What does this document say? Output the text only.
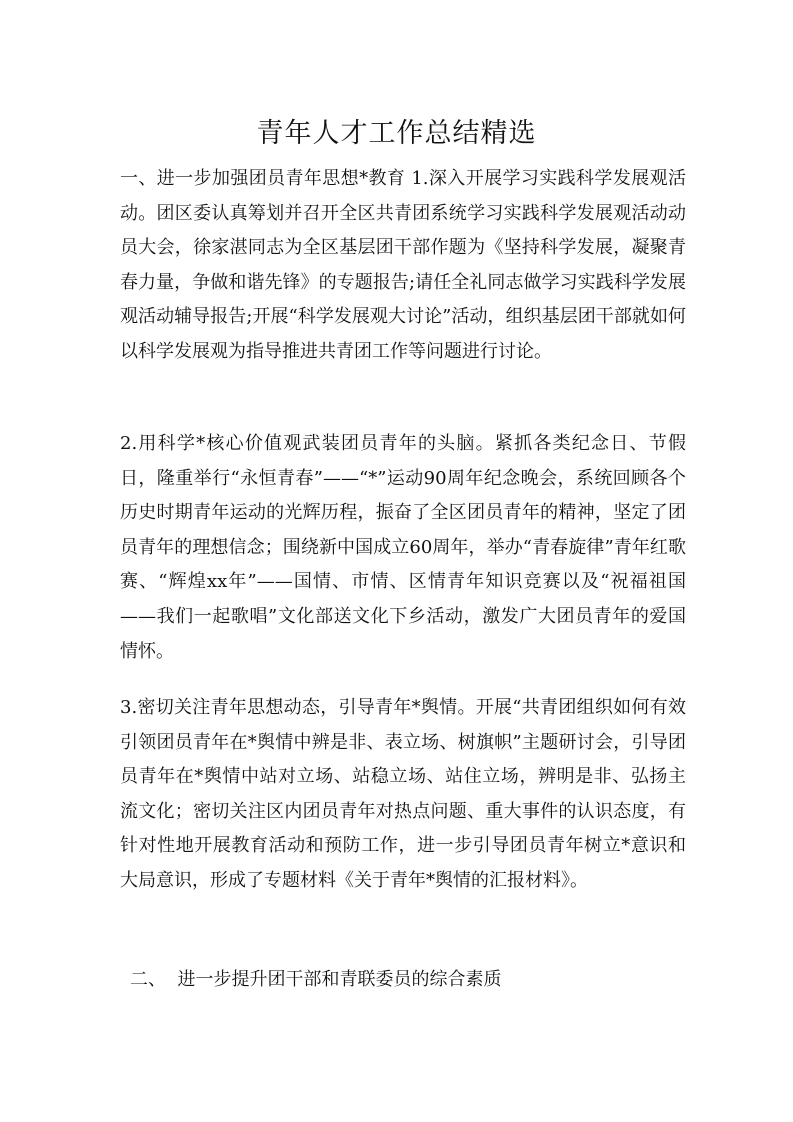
青年人才工作总结精选

一、进一步加强团员青年思想*教育 1.深入开展学习实践科学发展观活动。团区委认真筹划并召开全区共青团系统学习实践科学发展观活动动员大会，徐家湛同志为全区基层团干部作题为《坚持科学发展，凝聚青春力量，争做和谐先锋》的专题报告;请任全礼同志做学习实践科学发展观活动辅导报告;开展“科学发展观大讨论”活动，组织基层团干部就如何以科学发展观为指导推进共青团工作等问题进行讨论。

2.用科学*核心价值观武装团员青年的头脑。紧抓各类纪念日、节假日，隆重举行“永恒青春”——“*”运动90周年纪念晚会，系统回顾各个历史时期青年运动的光辉历程，振奋了全区团员青年的精神，坚定了团员青年的理想信念；围绕新中国成立60周年，举办“青春旋律”青年红歌赛、“辉煌xx年”——国情、市情、区情青年知识竞赛以及“祝福祖国——我们一起歌唱”文化部送文化下乡活动，激发广大团员青年的爱国情怀。

3.密切关注青年思想动态，引导青年*舆情。开展“共青团组织如何有效引领团员青年在*舆情中辨是非、表立场、树旗帜”主题研讨会，引导团员青年在*舆情中站对立场、站稳立场、站住立场，辨明是非、弘扬主流文化；密切关注区内团员青年对热点问题、重大事件的认识态度，有针对性地开展教育活动和预防工作，进一步引导团员青年树立*意识和大局意识，形成了专题材料《关于青年*舆情的汇报材料》。

二、  进一步提升团干部和青联委员的综合素质
